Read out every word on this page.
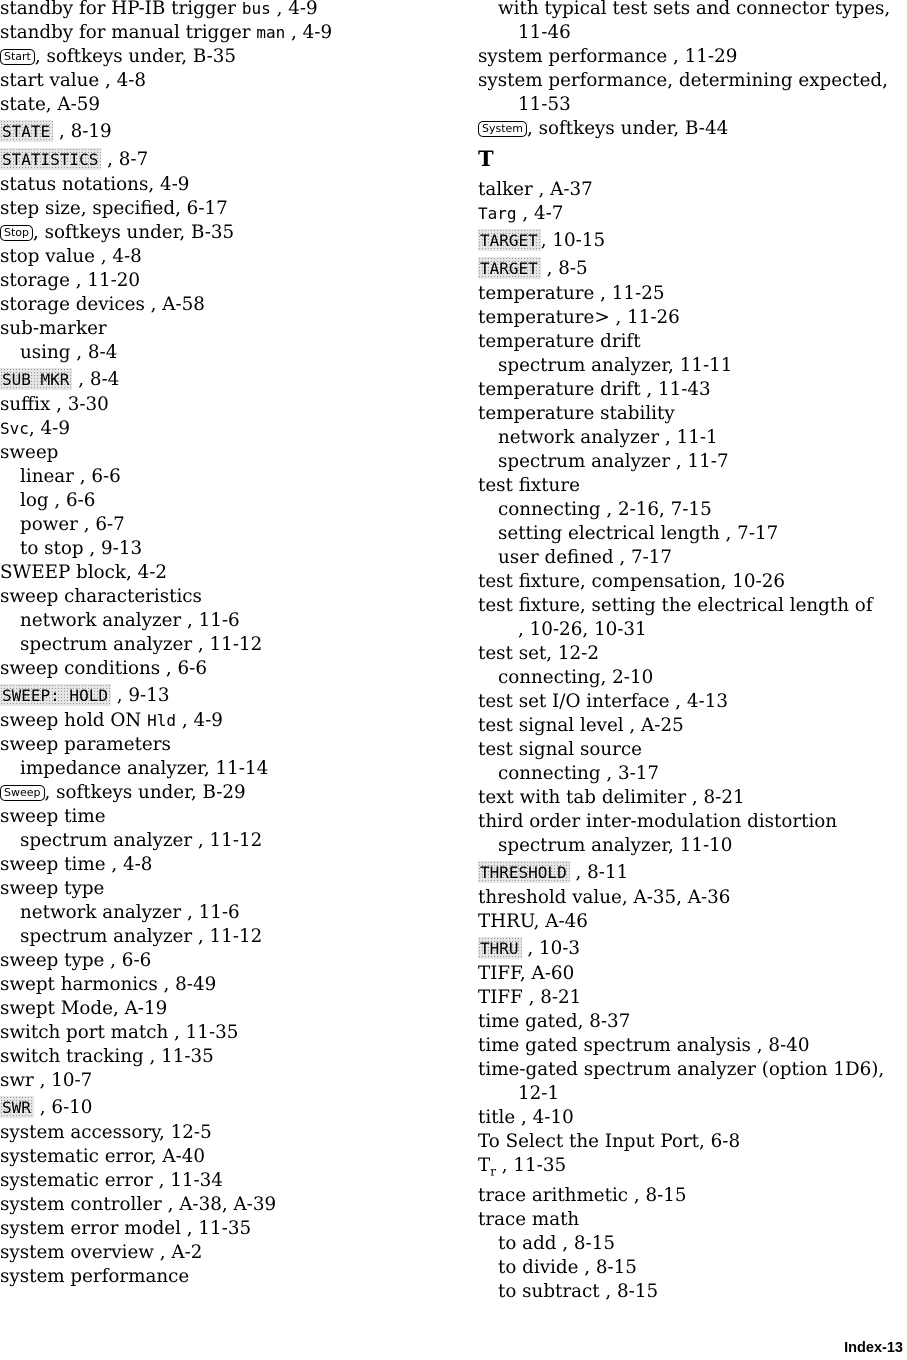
standby for HP-IB trigger bus , 4-9
standby for manual trigger man , 4-9
Start , softkeys under, B-35
start value , 4-8
state, A-59
STATE , 8-19
STATISTICS , 8-7
status notations, 4-9
step size, specified, 6-17
Stop , softkeys under, B-35
stop value , 4-8
storage , 11-20
storage devices , A-58
sub-marker
using , 8-4
SUB MKR , 8-4
suffix , 3-30
Svc, 4-9
sweep
linear , 6-6
log , 6-6
power , 6-7
to stop , 9-13
SWEEP block, 4-2
sweep characteristics
network analyzer , 11-6
spectrum analyzer , 11-12
sweep conditions , 6-6
SWEEP: HOLD , 9-13
sweep hold ON Hld , 4-9
sweep parameters
impedance analyzer, 11-14
Sweep , softkeys under, B-29
sweep time
spectrum analyzer , 11-12
sweep time , 4-8
sweep type
network analyzer , 11-6
spectrum analyzer , 11-12
sweep type , 6-6
swept harmonics , 8-49
swept Mode, A-19
switch port match , 11-35
switch tracking , 11-35
swr , 10-7
SWR , 6-10
system accessory, 12-5
systematic error, A-40
systematic error , 11-34
system controller , A-38, A-39
system error model , 11-35
system overview , A-2
system performance
with typical test sets and connector types,
11-46
system performance , 11-29
system performance, determining expected,
11-53
System , softkeys under, B-44
T
talker , A-37
Targ , 4-7
TARGET , 10-15
TARGET , 8-5
temperature , 11-25
temperature> , 11-26
temperature drift
spectrum analyzer, 11-11
temperature drift , 11-43
temperature stability
network analyzer , 11-1
spectrum analyzer , 11-7
test fixture
connecting , 2-16, 7-15
setting electrical length , 7-17
user defined , 7-17
test fixture, compensation, 10-26
test fixture, setting the electrical length of
, 10-26, 10-31
test set, 12-2
connecting, 2-10
test set I/O interface , 4-13
test signal level , A-25
test signal source
connecting , 3-17
text with tab delimiter , 8-21
third order inter-modulation distortion
spectrum analyzer, 11-10
THRESHOLD , 8-11
threshold value, A-35, A-36
THRU, A-46
THRU , 10-3
TIFF, A-60
TIFF , 8-21
time gated, 8-37
time gated spectrum analysis , 8-40
time-gated spectrum analyzer (option 1D6),
12-1
title , 4-10
To Select the Input Port, 6-8
$T_r$ , 11-35
trace arithmetic , 8-15
trace math
to add , 8-15
to divide , 8-15
to subtract , 8-15
Index-13
